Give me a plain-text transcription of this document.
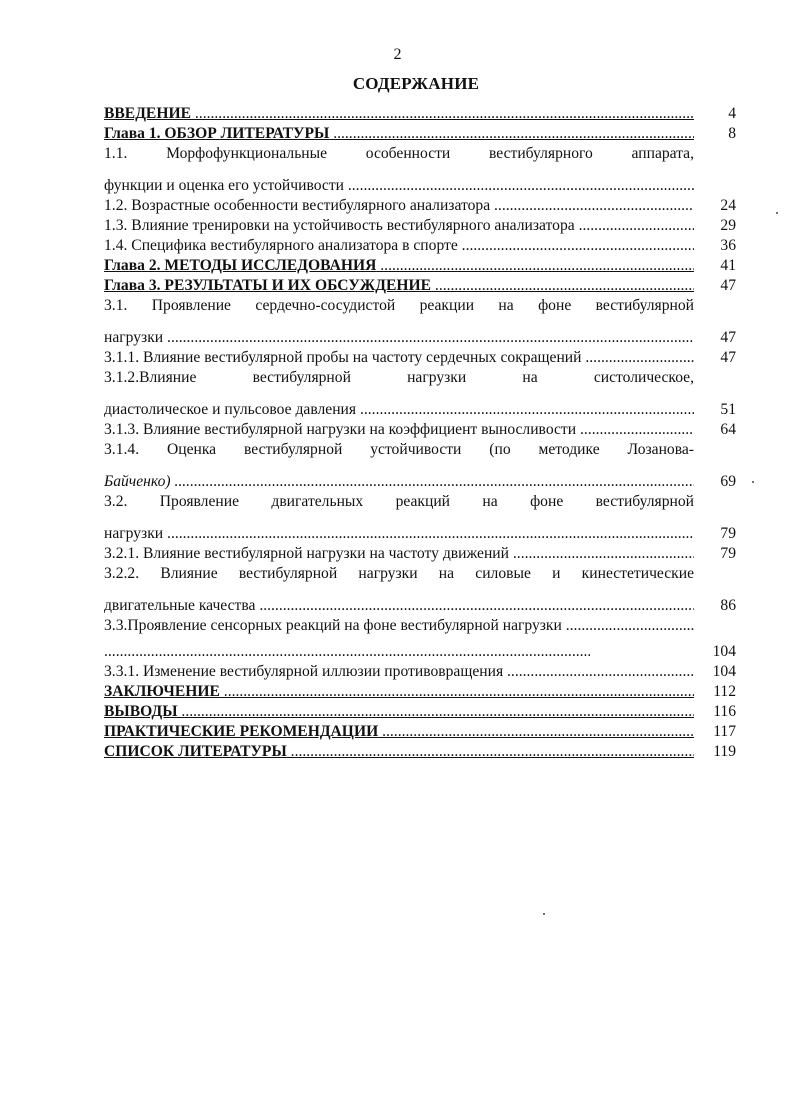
2
СОДЕРЖАНИЕ
ВВЕДЕНИЕ .....	4
Глава 1. ОБЗОР ЛИТЕРАТУРЫ .....	8
1.1. Морфофункциональные особенности вестибулярного аппарата,
функции и оценка его устойчивости .....
1.2. Возрастные особенности вестибулярного анализатора .....	24
1.3. Влияние тренировки на устойчивость вестибулярного анализатора .....	29
1.4. Специфика вестибулярного анализатора в спорте .....	36
Глава 2. МЕТОДЫ ИССЛЕДОВАНИЯ .....	41
Глава 3. РЕЗУЛЬТАТЫ И ИХ ОБСУЖДЕНИЕ .....	47
3.1. Проявление сердечно-сосудистой реакции на фоне вестибулярной
нагрузки .....	47
3.1.1. Влияние вестибулярной пробы на частоту сердечных сокращений .....	47
3.1.2.Влияние вестибулярной нагрузки на систолическое,
диастолическое и пульсовое давления .....	51
3.1.3. Влияние вестибулярной нагрузки на коэффициент выносливости .....	64
3.1.4. Оценка вестибулярной устойчивости (по методике Лозанова-
Байченко) .....	69
3.2. Проявление двигательных реакций на фоне вестибулярной
нагрузки .....	79
3.2.1. Влияние вестибулярной нагрузки на частоту движений .....	79
3.2.2. Влияние вестибулярной нагрузки на силовые и кинестетические
двигательные качества .....	86
3.3.Проявление сенсорных реакций на фоне вестибулярной нагрузки .....
.....
104
3.3.1. Изменение вестибулярной иллюзии противовращения .....	104
ЗАКЛЮЧЕНИЕ .....	112
ВЫВОДЫ .....	116
ПРАКТИЧЕСКИЕ РЕКОМЕНДАЦИИ .....	117
СПИСОК ЛИТЕРАТУРЫ .....	119
